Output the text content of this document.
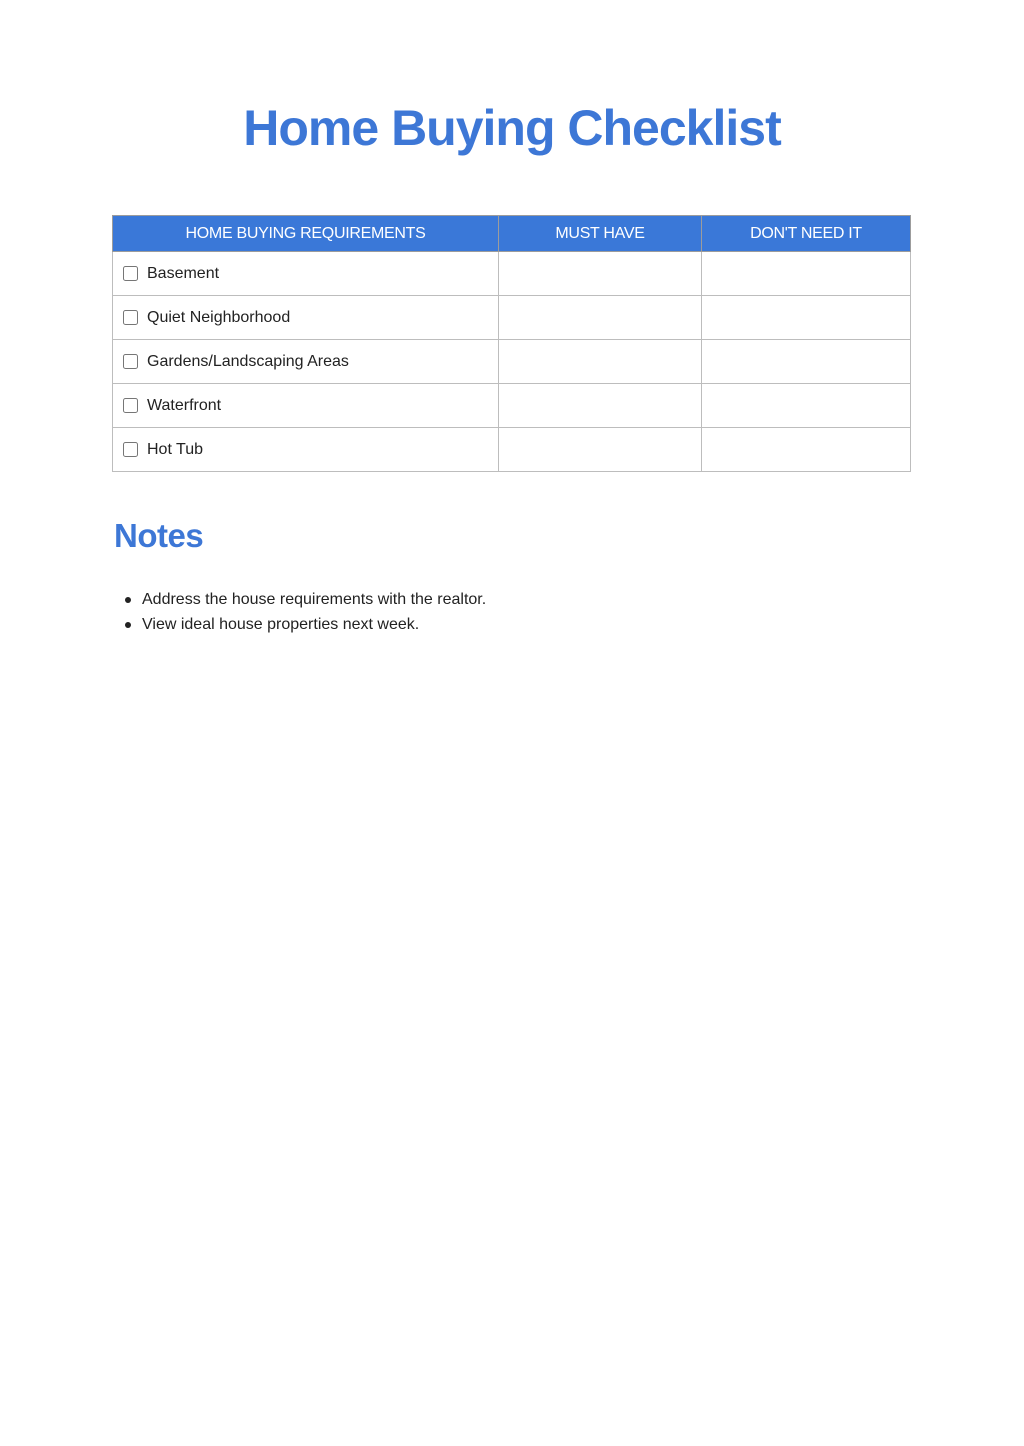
Home Buying Checklist
HOME BUYING REQUIREMENTS	MUST HAVE	DON'T NEED IT

Basement		

Quiet Neighborhood		

Gardens/Landscaping Areas		

Waterfront		

Hot Tub		

Notes
Address the house requirements with the realtor.
View ideal house properties next week.
